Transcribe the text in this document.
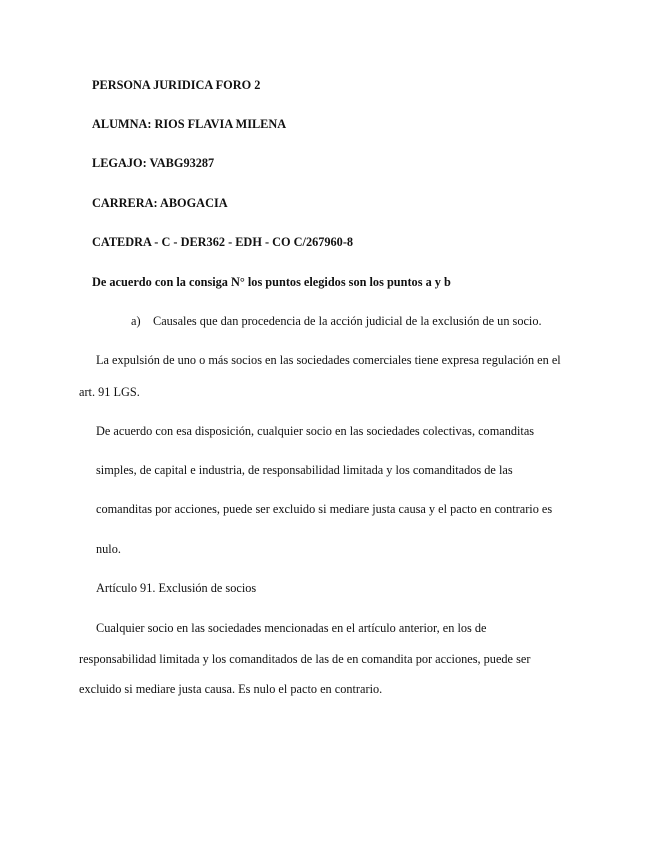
PERSONA JURIDICA FORO 2
ALUMNA: RIOS FLAVIA MILENA
LEGAJO: VABG93287
CARRERA: ABOGACIA
CATEDRA - C - DER362 - EDH - CO C/267960-8
De acuerdo con la consiga N° los puntos elegidos son los puntos a y b
a) Causales que dan procedencia de la acción judicial de la exclusión de un socio.
La expulsión de uno o más socios en las sociedades comerciales tiene expresa regulación en el
art. 91 LGS.
De acuerdo con esa disposición, cualquier socio en las sociedades colectivas, comanditas
simples, de capital e industria, de responsabilidad limitada y los comanditados de las
comanditas por acciones, puede ser excluido si mediare justa causa y el pacto en contrario es
nulo.
Artículo 91. Exclusión de socios
Cualquier socio en las sociedades mencionadas en el artículo anterior, en los de
responsabilidad limitada y los comanditados de las de en comandita por acciones, puede ser
excluido si mediare justa causa. Es nulo el pacto en contrario.
